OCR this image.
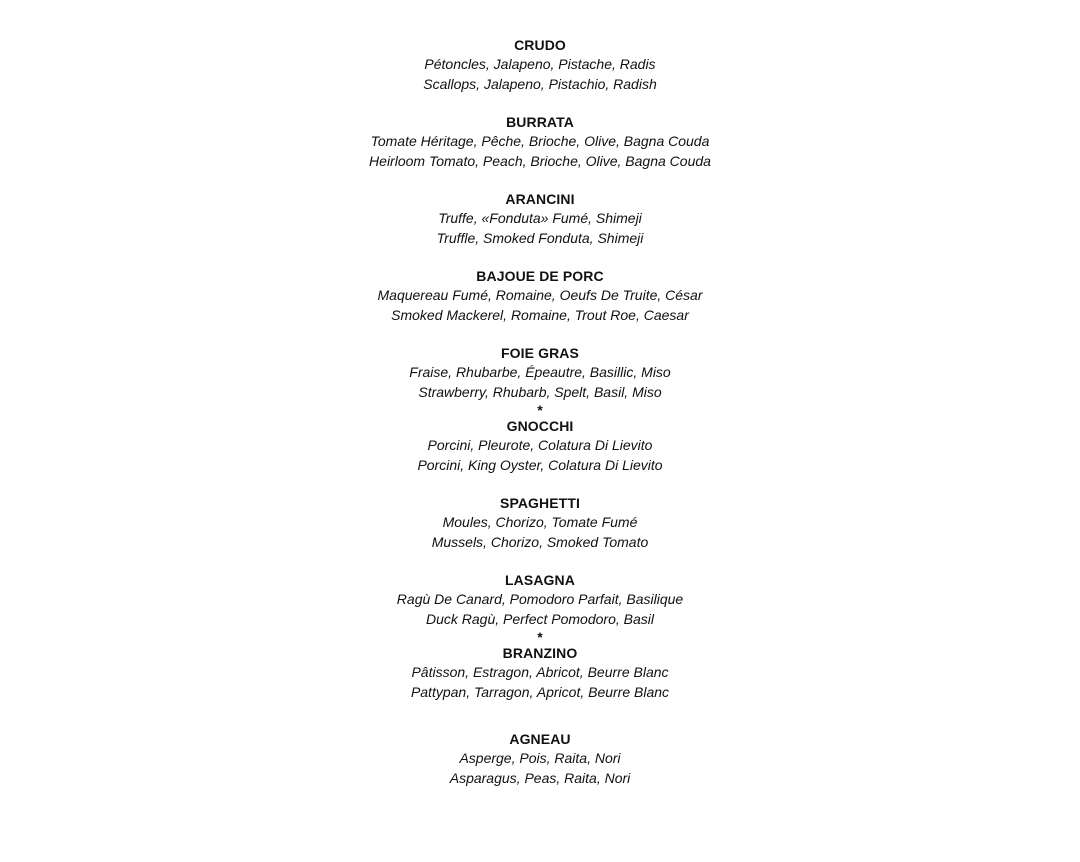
CRUDO
Pétoncles, Jalapeno, Pistache, Radis
Scallops, Jalapeno, Pistachio, Radish
BURRATA
Tomate Héritage, Pêche, Brioche, Olive, Bagna Couda
Heirloom Tomato, Peach, Brioche, Olive, Bagna Couda
ARANCINI
Truffe, «Fonduta» Fumé, Shimeji
Truffle, Smoked Fonduta, Shimeji
BAJOUE DE PORC
Maquereau Fumé, Romaine, Oeufs De Truite, César
Smoked Mackerel, Romaine, Trout Roe, Caesar
FOIE GRAS
Fraise, Rhubarbe, Épeautre, Basillic, Miso
Strawberry, Rhubarb, Spelt, Basil, Miso
*
GNOCCHI
Porcini, Pleurote, Colatura Di Lievito
Porcini, King Oyster, Colatura Di Lievito
SPAGHETTI
Moules, Chorizo, Tomate Fumé
Mussels, Chorizo, Smoked Tomato
LASAGNA
Ragù De Canard, Pomodoro Parfait, Basilique
Duck Ragù, Perfect Pomodoro, Basil
*
BRANZINO
Pâtisson, Estragon, Abricot, Beurre Blanc
Pattypan, Tarragon, Apricot, Beurre Blanc
AGNEAU
Asperge, Pois, Raita, Nori
Asparagus, Peas, Raita, Nori
